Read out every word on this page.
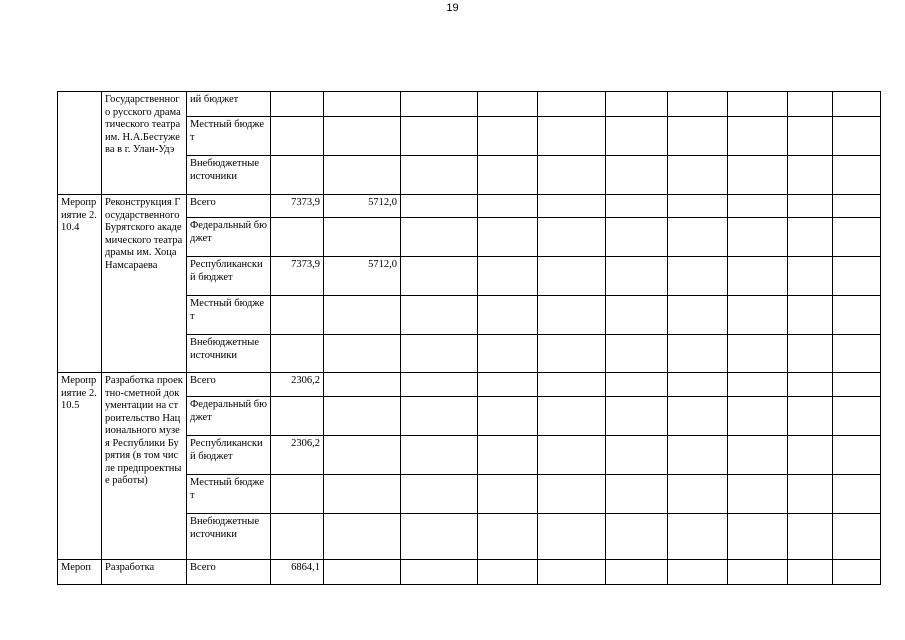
19
	Государственного русского драматического театра им. Н.А.Бестужева в г. Улан-Удэ	ий бюджет										
		Местный бюджет										
		Внебюджетные источники										
Мероприятие 2.10.4	Реконструкция Государственного Бурятского академического театра драмы им. Хоца Намсараева	Всего	7373,9	5712,0								
		Федеральный бюджет										
		Республиканский бюджет	7373,9	5712,0								
		Местный бюджет										
		Внебюджетные источники										
Мероприятие 2.10.5	Разработка проектно-сметной документации на строительство Национального музея Республики Бурятия (в том числе предпроектные работы)	Всего	2306,2									
		Федеральный бюджет										
		Республиканский бюджет	2306,2									
		Местный бюджет										
		Внебюджетные источники										
Мероп	Разработка	Всего	6864,1									
